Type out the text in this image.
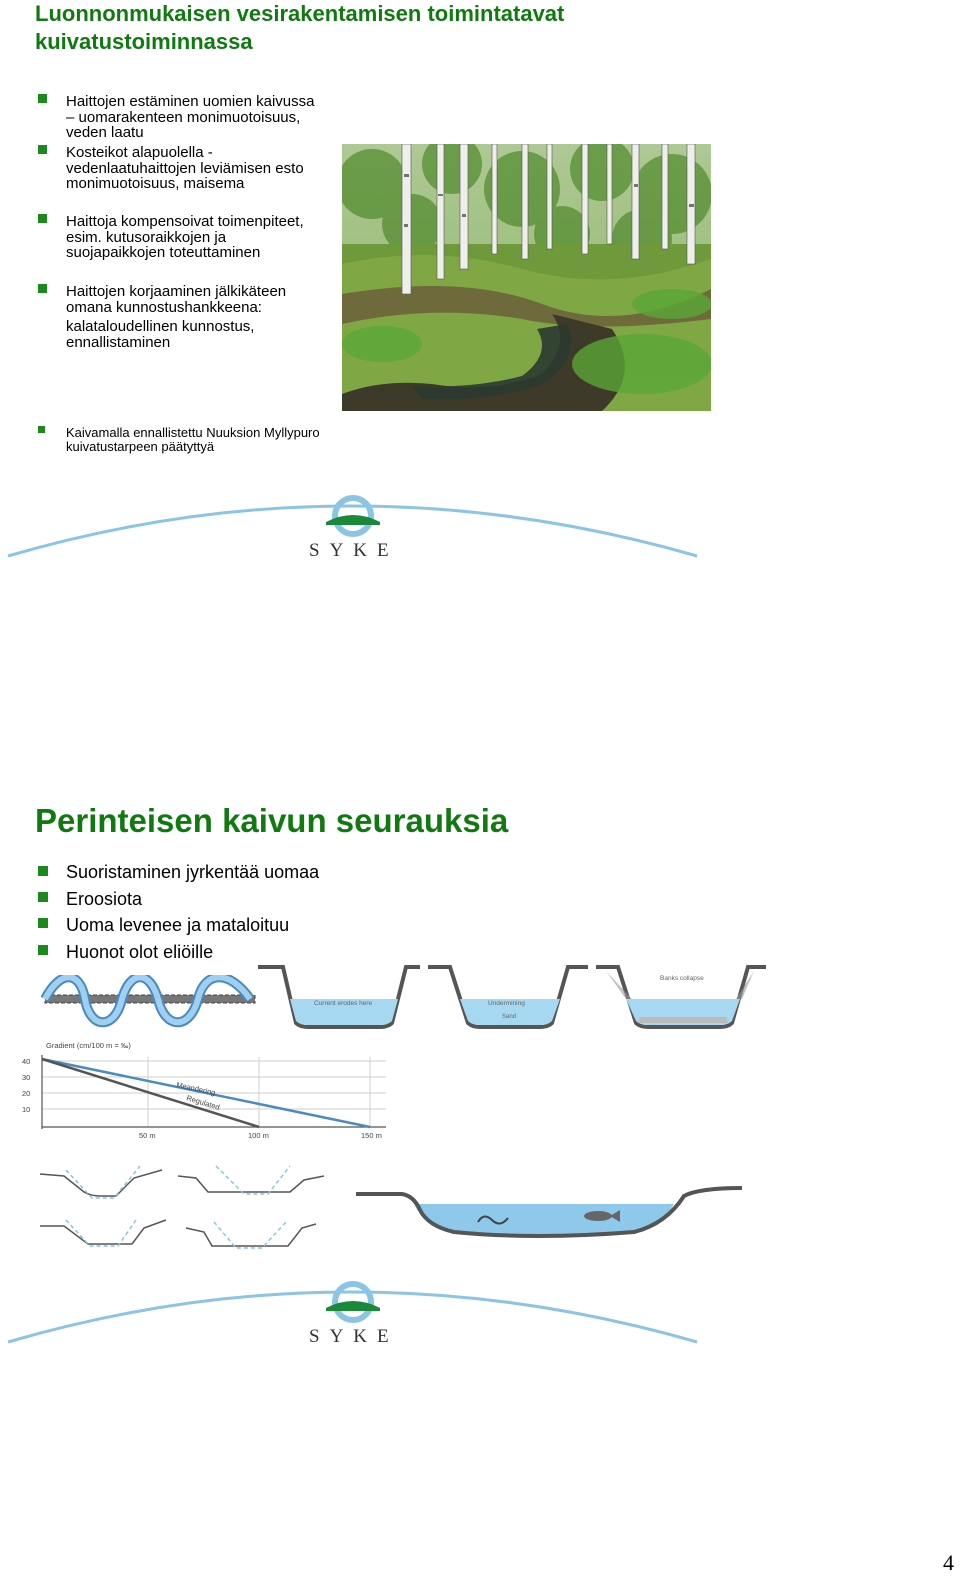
Luonnonmukaisen vesirakentamisen toimintatavat
kuivatustoiminnassa
Haittojen estäminen uomien kaivussa
– uomarakenteen monimuotoisuus,
veden laatu
Kosteikot alapuolella -
vedenlaatuhaittojen leviämisen esto
monimuotoisuus, maisema
Haittoja kompensoivat toimenpiteet,
esim. kutusoraikkojen ja
suojapaikkojen toteuttaminen
Haittojen korjaaminen jälkikäteen
omana kunnostushankkeena:
kalataloudellinen kunnostus,
ennallistaminen
Kaivamalla ennallistettu Nuuksion Myllypuro
kuivatustarpeen päätyttyä
SYKE
Perinteisen kaivun seurauksia
Suoristaminen jyrkentää uomaa
Eroosiota
Uoma levenee ja mataloituu
Huonot olot eliöille
Current erodes here	Undermining
Sand
Banks collapse
Gradient (cm/100 m = ‰)
40
30
20
10
50 m	100 m	150 m
Meandering
Regulated
SYKE
4
